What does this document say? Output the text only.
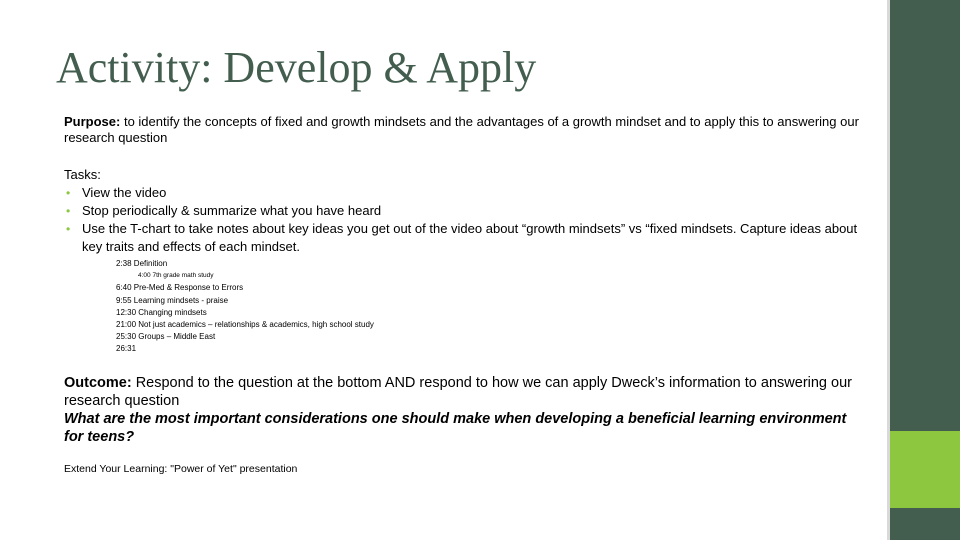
Activity: Develop & Apply

Purpose: to identify the concepts of fixed and growth mindsets and the advantages of a growth mindset and to apply this to answering our research question

Tasks:
• View the video
• Stop periodically & summarize what you have heard
• Use the T-chart to take notes about key ideas you get out of the video about “growth mindsets” vs “fixed mindsets. Capture ideas about key traits and effects of each mindset.
2:38 Definition
4:00 7th grade math study
6:40 Pre-Med & Response to Errors
9:55 Learning mindsets - praise
12:30 Changing mindsets
21:00 Not just academics – relationships & academics, high school study
25:30 Groups – Middle East
26:31
Outcome: Respond to the question at the bottom AND respond to how we can apply Dweck’s information to answering our research question
What are the most important considerations one should make when developing a beneficial learning environment for teens?
Extend Your Learning: "Power of Yet" presentation
